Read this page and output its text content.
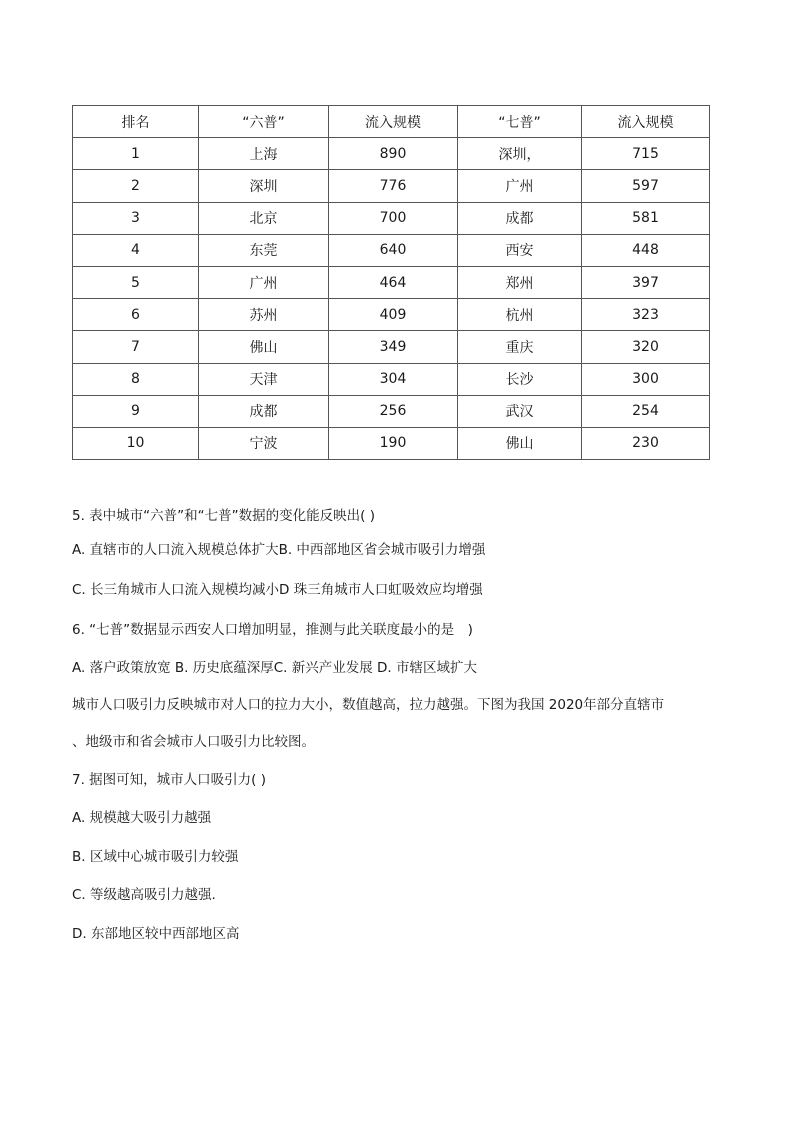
排名	“六普”	流入规模	“七普”	流入规模
1	上海	890	深圳，	715
2	深圳	776	广州	597
3	北京	700	成都	581
4	东莞	640	西安	448
5	广州	464	郑州	397
6	苏州	409	杭州	323
7	佛山	349	重庆	320
8	天津	304	长沙	300
9	成都	256	武汉	254
10	宁波	190	佛山	230
5. 表中城市“六普”和“七普”数据的变化能反映出( )
A. 直辖市的人口流入规模总体扩大B. 中西部地区省会城市吸引力增强
C. 长三角城市人口流入规模均减小D 珠三角城市人口虹吸效应均增强
6. “七普”数据显示西安人口增加明显，推测与此关联度最小的是　)
A. 落户政策放宽 B. 历史底蕴深厚C. 新兴产业发展 D. 市辖区域扩大
城市人口吸引力反映城市对人口的拉力大小，数值越高，拉力越强。下图为我国 2020年部分直辖市
、地级市和省会城市人口吸引力比较图。
7. 据图可知，城市人口吸引力( )
A. 规模越大吸引力越强
B. 区域中心城市吸引力较强
C. 等级越高吸引力越强.
D. 东部地区较中西部地区高
